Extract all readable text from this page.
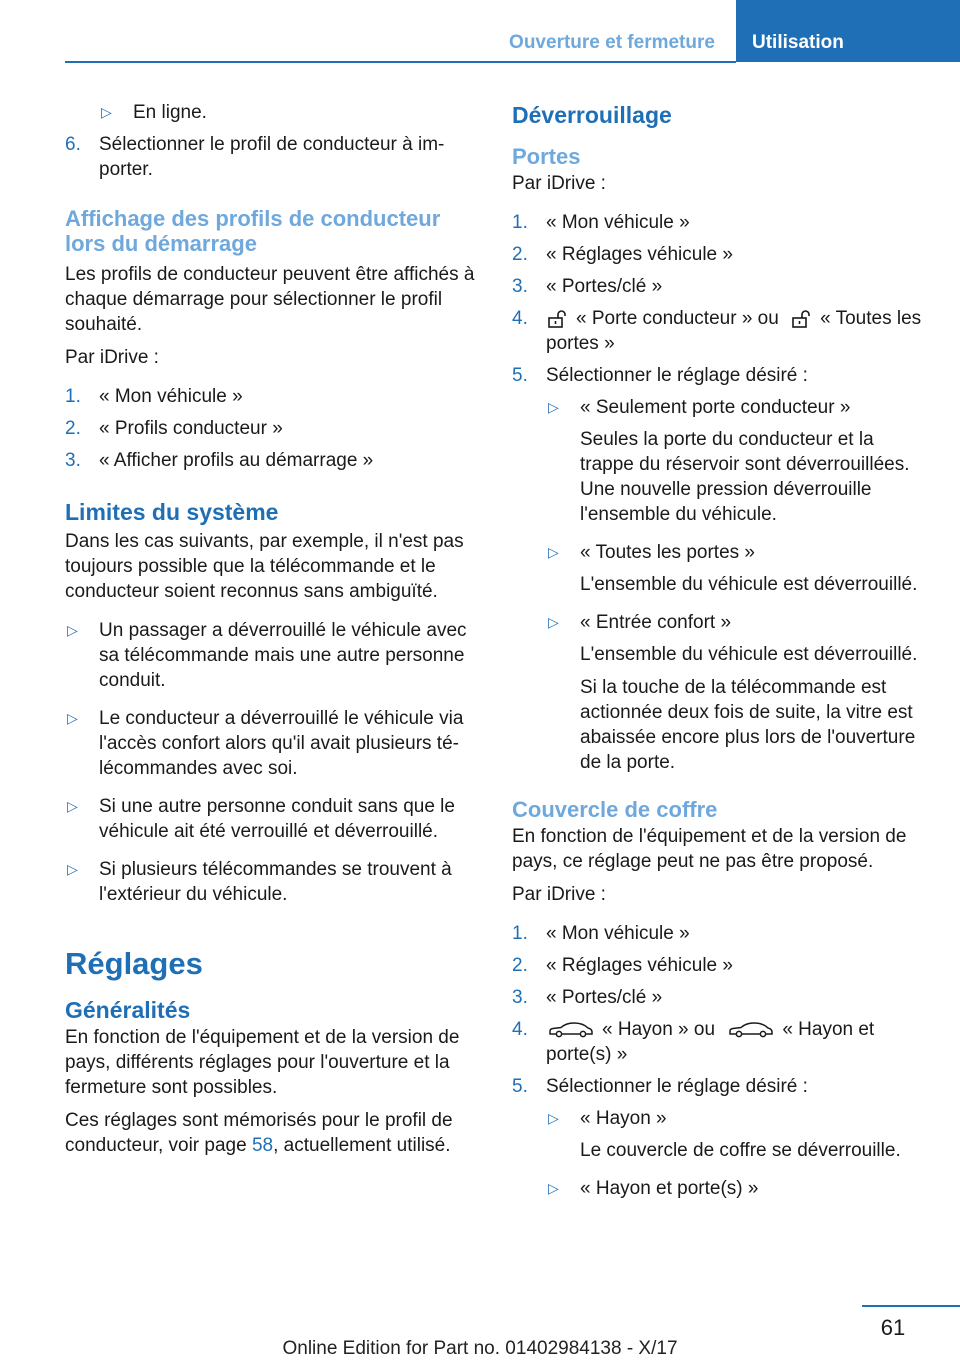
Ouverture et fermeture	Utilisation
▷ En ligne.
6. Sélectionner le profil de conducteur à importer.
Affichage des profils de conducteur lors du démarrage

Les profils de conducteur peuvent être affichés à chaque démarrage pour sélectionner le profil souhaité.

Par iDrive :

1. « Mon véhicule »
2. « Profils conducteur »
3. « Afficher profils au démarrage »
Limites du système

Dans les cas suivants, par exemple, il n'est pas toujours possible que la télécommande et le conducteur soient reconnus sans ambiguïté.

▷ Un passager a déverrouillé le véhicule avec sa télécommande mais une autre personne conduit.
▷ Le conducteur a déverrouillé le véhicule via l'accès confort alors qu'il avait plusieurs télécommandes avec soi.
▷ Si une autre personne conduit sans que le véhicule ait été verrouillé et déverrouillé.
▷ Si plusieurs télécommandes se trouvent à l'extérieur du véhicule.
Réglages
Généralités

En fonction de l'équipement et de la version de pays, différents réglages pour l'ouverture et la fermeture sont possibles.

Ces réglages sont mémorisés pour le profil de conducteur, voir page 58, actuellement utilisé.

Déverrouillage
Portes

Par iDrive :

1. « Mon véhicule »
2. « Réglages véhicule »
3. « Portes/clé »
4.	« Porte conducteur » ou « Toutes les portes »
5. Sélectionner le réglage désiré :
▷ « Seulement porte conducteur »

Seules la porte du conducteur et la trappe du réservoir sont déverrouillées. Une nouvelle pression déverrouille l'ensemble du véhicule.

▷ « Toutes les portes »

L'ensemble du véhicule est déverrouillé.

▷ « Entrée confort »

L'ensemble du véhicule est déverrouillé.

Si la touche de la télécommande est actionnée deux fois de suite, la vitre est abaissée encore plus lors de l'ouverture de la porte.

Couvercle de coffre

En fonction de l'équipement et de la version de pays, ce réglage peut ne pas être proposé.

Par iDrive :

1. « Mon véhicule »
2. « Réglages véhicule »
3. « Portes/clé »
4.	« Hayon » ou	« Hayon et porte(s) »
5. Sélectionner le réglage désiré :
▷ « Hayon »

Le couvercle de coffre se déverrouille.

▷ « Hayon et porte(s) »
61
Online Edition for Part no. 01402984138 - X/17
